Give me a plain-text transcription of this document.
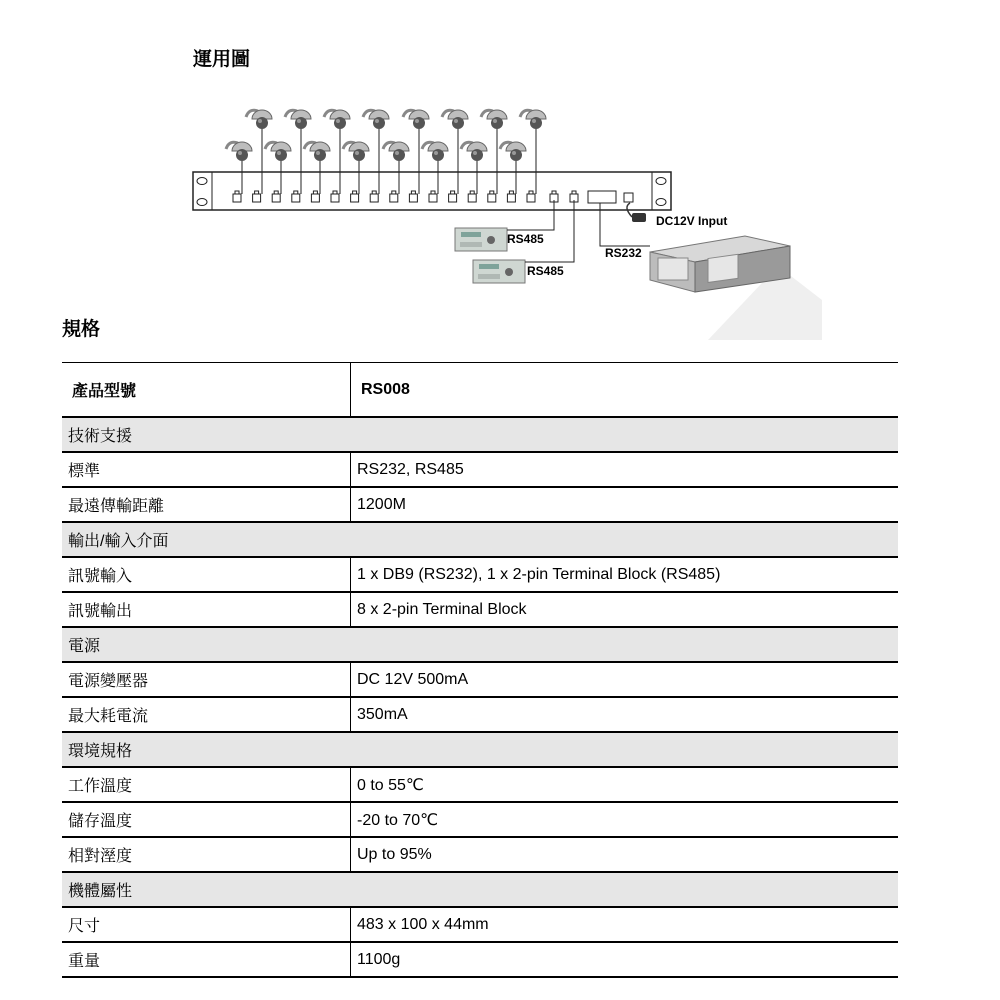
運用圖
RS485
RS485
RS232
DC12V Input
規格
產品型號	RS008
技術支援	
標準	RS232, RS485
最遠傳輸距離	1200M
輸出/輸入介面	
訊號輸入	1 x DB9 (RS232), 1 x 2-pin Terminal Block (RS485)
訊號輸出	8 x 2-pin Terminal Block
電源	
電源變壓器	DC 12V 500mA
最大耗電流	350mA
環境規格	
工作溫度	0 to 55℃
儲存溫度	-20 to 70℃
相對溼度	Up to 95%
機體屬性	
尺寸	483 x 100 x 44mm
重量	1100g
